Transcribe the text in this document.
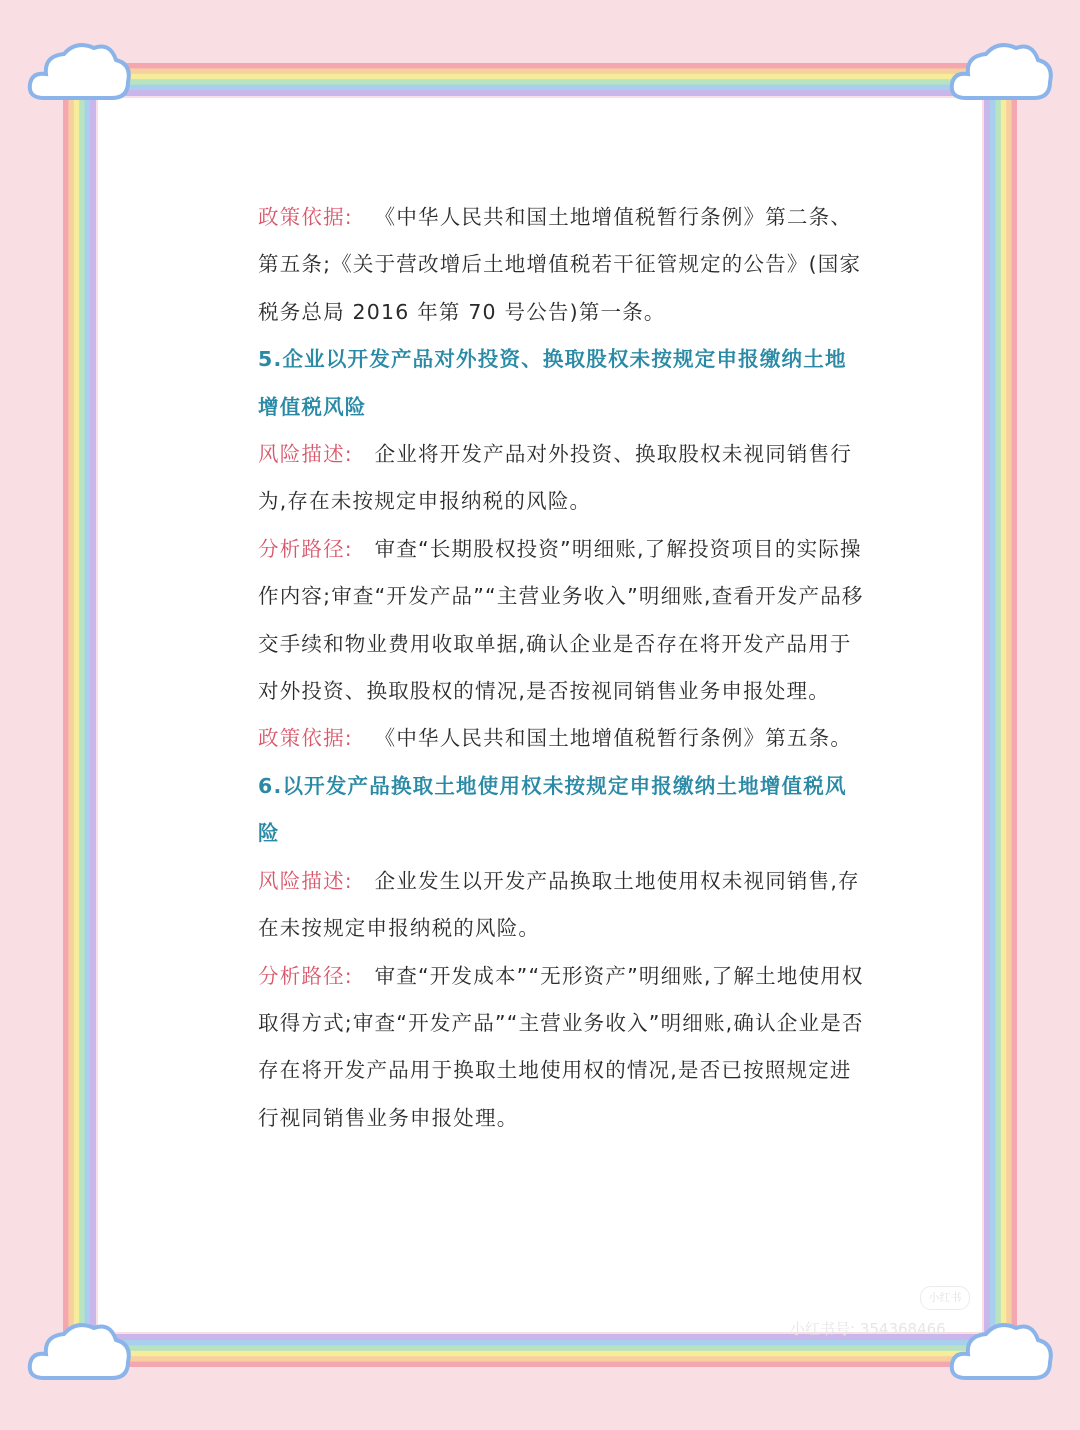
政策依据:  《中华人民共和国土地增值税暂行条例》第二条、第五条;《关于营改增后土地增值税若干征管规定的公告》(国家税务总局 2016 年第 70 号公告)第一条。

5.企业以开发产品对外投资、换取股权未按规定申报缴纳土地增值税风险

风险描述:  企业将开发产品对外投资、换取股权未视同销售行为,存在未按规定申报纳税的风险。

分析路径:  审查“长期股权投资”明细账,了解投资项目的实际操作内容;审查“开发产品”“主营业务收入”明细账,查看开发产品移交手续和物业费用收取单据,确认企业是否存在将开发产品用于对外投资、换取股权的情况,是否按视同销售业务申报处理。

政策依据:  《中华人民共和国土地增值税暂行条例》第五条。

6.以开发产品换取土地使用权未按规定申报缴纳土地增值税风险

风险描述:  企业发生以开发产品换取土地使用权未视同销售,存在未按规定申报纳税的风险。

分析路径:  审查“开发成本”“无形资产”明细账,了解土地使用权取得方式;审查“开发产品”“主营业务收入”明细账,确认企业是否存在将开发产品用于换取土地使用权的情况,是否已按照规定进行视同销售业务申报处理。

小红书
小红书号: 354368466
